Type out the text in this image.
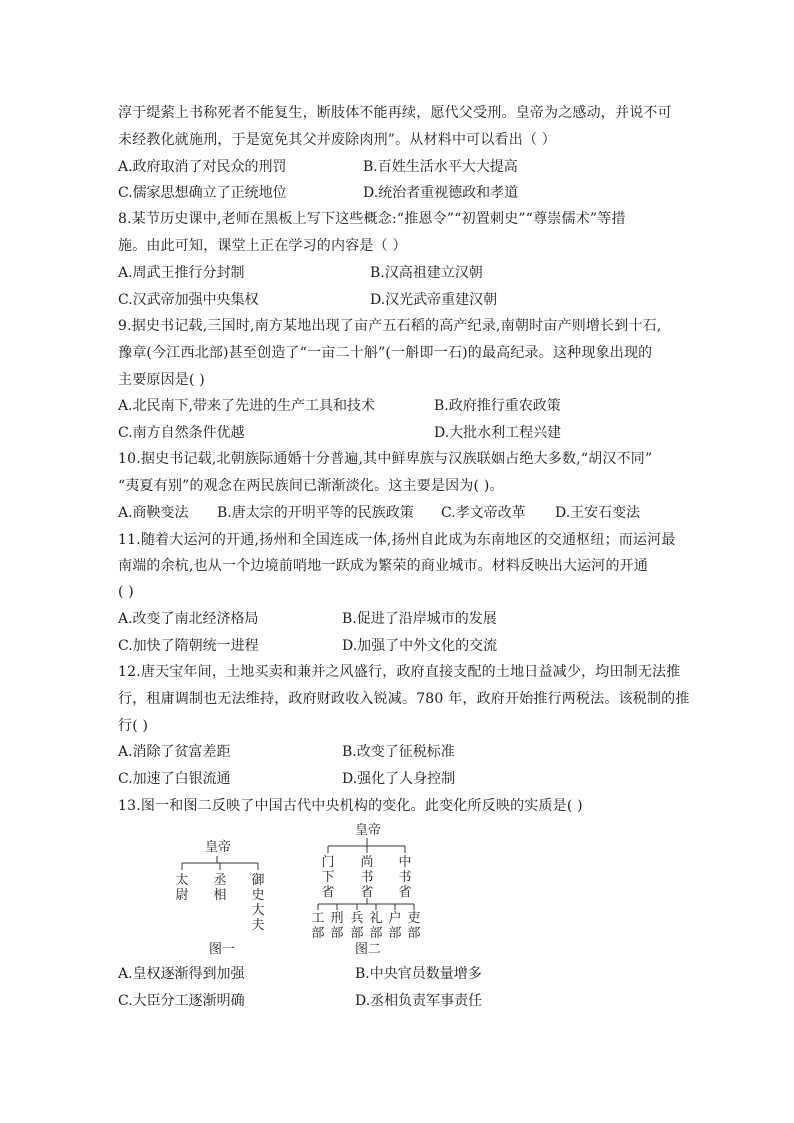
淳于缇萦上书称死者不能复生，断肢体不能再续，愿代父受刑。皇帝为之感动，并说不可
未经教化就施刑，于是宽免其父并废除肉刑”。从材料中可以看出（ ）
A.政府取消了对民众的刑罚	B.百姓生活水平大大提高
C.儒家思想确立了正统地位	D.统治者重视德政和孝道
8.某节历史课中,老师在黑板上写下这些概念:“推恩令”“初置刺史”“尊崇儒术”等措
施。由此可知，课堂上正在学习的内容是（ ）
A.周武王推行分封制	B.汉高祖建立汉朝
C.汉武帝加强中央集权	D.汉光武帝重建汉朝
9.据史书记载,三国时,南方某地出现了亩产五石稻的高产纪录,南朝时亩产则增长到十石,
豫章(今江西北部)甚至创造了“一亩二十斛”(一斛即一石)的最高纪录。这种现象出现的
主要原因是( )
A.北民南下,带来了先进的生产工具和技术	B.政府推行重农政策
C.南方自然条件优越	D.大批水利工程兴建
10.据史书记载,北朝族际通婚十分普遍,其中鲜卑族与汉族联姻占绝大多数,“胡汉不同”
“夷夏有别”的观念在两民族间已渐渐淡化。这主要是因为( )。
A.商鞅变法 B.唐太宗的开明平等的民族政策 C.孝文帝改革 D.王安石变法
11.随着大运河的开通,扬州和全国连成一体,扬州自此成为东南地区的交通枢纽；而运河最
南端的余杭,也从一个边境前哨地一跃成为繁荣的商业城市。材料反映出大运河的开通
( )
A.改变了南北经济格局	B.促进了沿岸城市的发展
C.加快了隋朝统一进程	D.加强了中外文化的交流
12.唐天宝年间，土地买卖和兼并之风盛行，政府直接支配的土地日益减少，均田制无法推
行，租庸调制也无法维持，政府财政收入锐减。780 年，政府开始推行两税法。该税制的推
行( )
A.消除了贫富差距	B.改变了征税标准
C.加速了白银流通	D.强化了人身控制
13.图一和图二反映了中国古代中央机构的变化。此变化所反映的实质是( )
皇帝
太尉
丞相
御史大夫
图一
皇帝
门下省
尚书省
中书省
工部
刑部
兵部
礼部
户部
吏部
图二
A.皇权逐渐得到加强	B.中央官员数量增多
C.大臣分工逐渐明确	D.丞相负责军事责任
